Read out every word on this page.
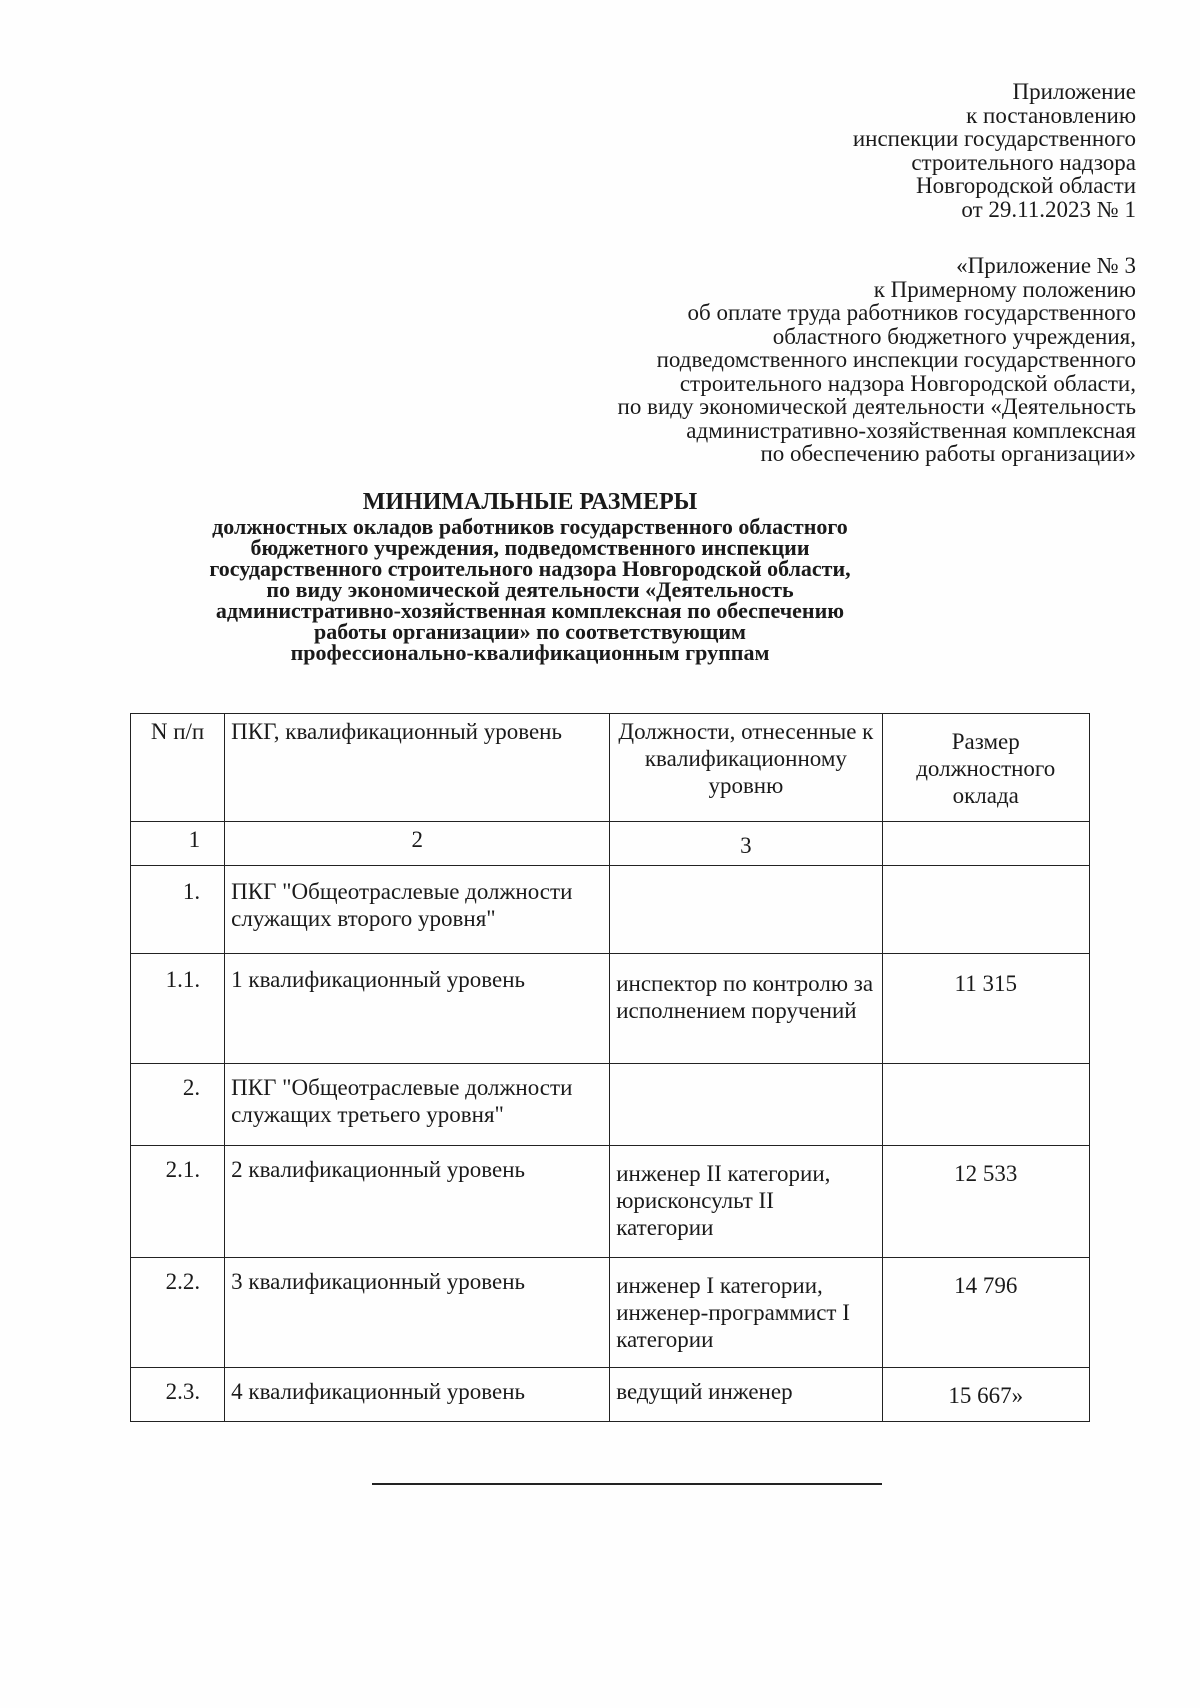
Приложение
к постановлению
инспекции государственного
строительного надзора
Новгородской области
от 29.11.2023 № 1
«Приложение № 3
к Примерному положению
об оплате труда работников государственного
областного бюджетного учреждения,
подведомственного инспекции государственного
строительного надзора Новгородской области,
по виду экономической деятельности «Деятельность
административно-хозяйственная комплексная
по обеспечению работы организации»
МИНИМАЛЬНЫЕ РАЗМЕРЫ
должностных окладов работников государственного областного
бюджетного учреждения, подведомственного инспекции
государственного строительного надзора Новгородской области,
по виду экономической деятельности «Деятельность
административно-хозяйственная комплексная по обеспечению
работы организации» по соответствующим
профессионально-квалификационным группам
N п/п	ПКГ, квалификационный уровень	Должности, отнесенные к квалификационному уровню	Размер должностного оклада
1	2	3	
1.	ПКГ "Общеотраслевые должности служащих второго уровня"		
1.1.	1 квалификационный уровень	инспектор по контролю за исполнением поручений	11 315
2.	ПКГ "Общеотраслевые должности служащих третьего уровня"		
2.1.	2 квалификационный уровень	инженер II категории, юрисконсульт II категории	12 533
2.2.	3 квалификационный уровень	инженер I категории, инженер-программист I категории	14 796
2.3.	4 квалификационный уровень	ведущий инженер	15 667»
